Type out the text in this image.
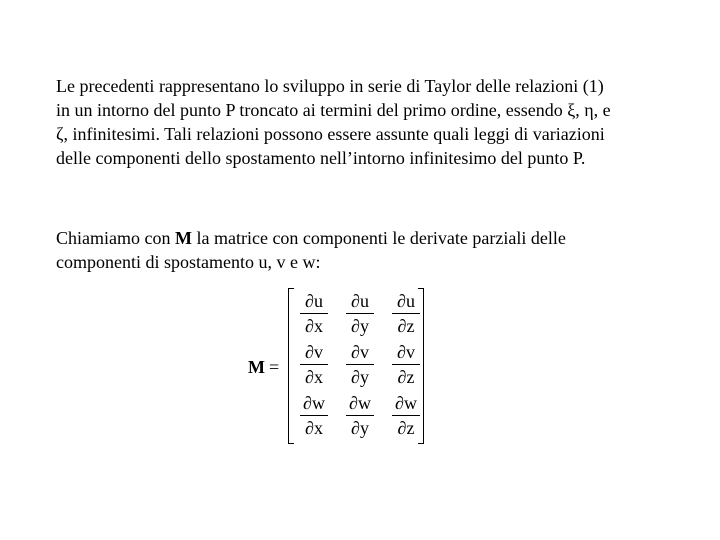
Le precedenti rappresentano lo sviluppo in serie di Taylor delle relazioni (1)
in un intorno del punto P troncato ai termini del primo ordine, essendo ξ, η, e
ζ, infinitesimi. Tali relazioni possono essere assunte quali leggi di variazioni
delle componenti dello spostamento nell’intorno infinitesimo del punto P.
Chiamiamo con M la matrice con componenti le derivate parziali delle
componenti di spostamento u, v e w:
M =
∂u
∂x
∂u
∂y
∂u
∂z
∂v
∂x
∂v
∂y
∂v
∂z
∂w
∂x
∂w
∂y
∂w
∂z
